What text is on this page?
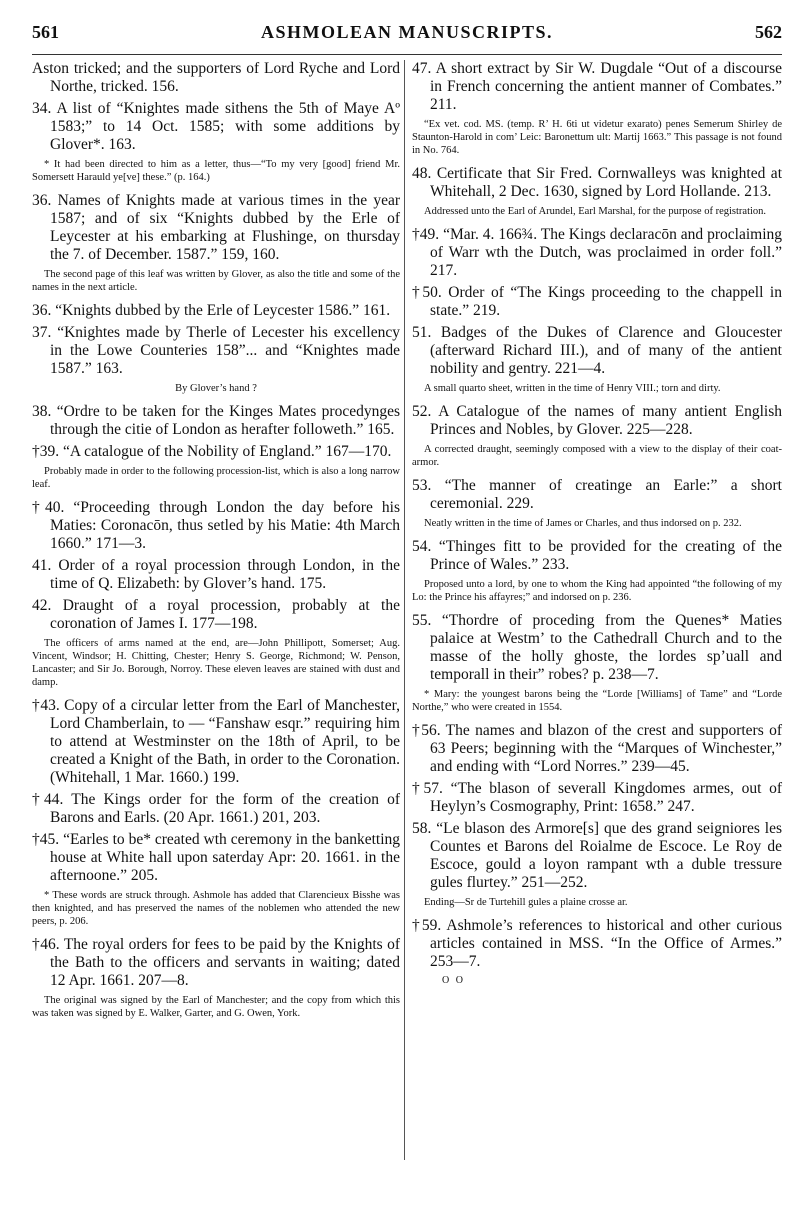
561	ASHMOLEAN MANUSCRIPTS.	562

Aston tricked; and the supporters of Lord Ryche and Lord Northe, tricked. 156.

34. A list of “Knightes made sithens the 5th of Maye Aº 1583;” to 14 Oct. 1585; with some additions by Glover*. 163.

* It had been directed to him as a letter, thus—“To my very [good] friend Mr. Somersett Harauld ye[ve] these.” (p. 164.)

36. Names of Knights made at various times in the year 1587; and of six “Knights dubbed by the Erle of Leycester at his embarking at Flushinge, on thursday the 7. of December. 1587.” 159, 160.

The second page of this leaf was written by Glover, as also the title and some of the names in the next article.

36. “Knights dubbed by the Erle of Leycester 1586.” 161.

37. “Knightes made by Therle of Lecester his excellency in the Lowe Counteries 158”... and “Knightes made 1587.” 163.

By Glover’s hand ?

38. “Ordre to be taken for the Kinges Mates procedynges through the citie of London as herafter followeth.” 165.

†39. “A catalogue of the Nobility of England.” 167—170.

Probably made in order to the following procession-list, which is also a long narrow leaf.

†40. “Proceeding through London the day before his Maties: Coronacōn, thus setled by his Matie: 4th March 1660.” 171—3.

41. Order of a royal procession through London, in the time of Q. Elizabeth: by Glover’s hand. 175.

42. Draught of a royal procession, probably at the coronation of James I. 177—198.

The officers of arms named at the end, are—John Phillipott, Somerset; Aug. Vincent, Windsor; H. Chitting, Chester; Henry S. George, Richmond; W. Penson, Lancaster; and Sir Jo. Borough, Norroy. These eleven leaves are stained with dust and damp.

†43. Copy of a circular letter from the Earl of Manchester, Lord Chamberlain, to — “Fanshaw esqr.” requiring him to attend at Westminster on the 18th of April, to be created a Knight of the Bath, in order to the Coronation. (Whitehall, 1 Mar. 1660.) 199.

†44. The Kings order for the form of the creation of Barons and Earls. (20 Apr. 1661.) 201, 203.

†45. “Earles to be* created wth ceremony in the banketting house at White hall upon saterday Apr: 20. 1661. in the afternoone.” 205.

* These words are struck through. Ashmole has added that Clarencieux Bisshe was then knighted, and has preserved the names of the noblemen who attended the new peers, p. 206.

†46. The royal orders for fees to be paid by the Knights of the Bath to the officers and servants in waiting; dated 12 Apr. 1661. 207—8.

The original was signed by the Earl of Manchester; and the copy from which this was taken was signed by E. Walker, Garter, and G. Owen, York.

47. A short extract by Sir W. Dugdale “Out of a discourse in French concerning the antient manner of Combates.” 211.

“Ex vet. cod. MS. (temp. R’ H. 6ti ut videtur exarato) penes Semerum Shirley de Staunton-Harold in com’ Leic: Baronettum ult: Martij 1663.” This passage is not found in No. 764.

48. Certificate that Sir Fred. Cornwalleys was knighted at Whitehall, 2 Dec. 1630, signed by Lord Hollande. 213.

Addressed unto the Earl of Arundel, Earl Marshal, for the purpose of registration.

†49. “Mar. 4. 166¾. The Kings declaracōn and proclaiming of Warr wth the Dutch, was proclaimed in order foll.” 217.

†50. Order of “The Kings proceeding to the chappell in state.” 219.

51. Badges of the Dukes of Clarence and Gloucester (afterward Richard III.), and of many of the antient nobility and gentry. 221—4.

A small quarto sheet, written in the time of Henry VIII.; torn and dirty.

52. A Catalogue of the names of many antient English Princes and Nobles, by Glover. 225—228.

A corrected draught, seemingly composed with a view to the display of their coat-armor.

53. “The manner of creatinge an Earle:” a short ceremonial. 229.

Neatly written in the time of James or Charles, and thus indorsed on p. 232.

54. “Thinges fitt to be provided for the creating of the Prince of Wales.” 233.

Proposed unto a lord, by one to whom the King had appointed “the following of my Lo: the Prince his affayres;” and indorsed on p. 236.

55. “Thordre of proceding from the Quenes* Maties palaice at Westm’ to the Cathedrall Church and to the masse of the holly ghoste, the lordes sp’uall and temporall in their” robes? p. 238—7.

* Mary: the youngest barons being the “Lorde [Williams] of Tame” and “Lorde Northe,” who were created in 1554.

†56. The names and blazon of the crest and supporters of 63 Peers; beginning with the “Marques of Winchester,” and ending with “Lord Norres.” 239—45.

†57. “The blason of severall Kingdomes armes, out of Heylyn’s Cosmography, Print: 1658.” 247.

58. “Le blason des Armore[s] que des grand seigniores les Countes et Barons del Roialme de Escoce. Le Roy de Escoce, gould a loyon rampant wth a duble tressure gules flurtey.” 251—252.

Ending—Sr de Turtehill gules a plaine crosse ar.

†59. Ashmole’s references to historical and other curious articles contained in MSS. “In the Office of Armes.” 253—7.

O O
